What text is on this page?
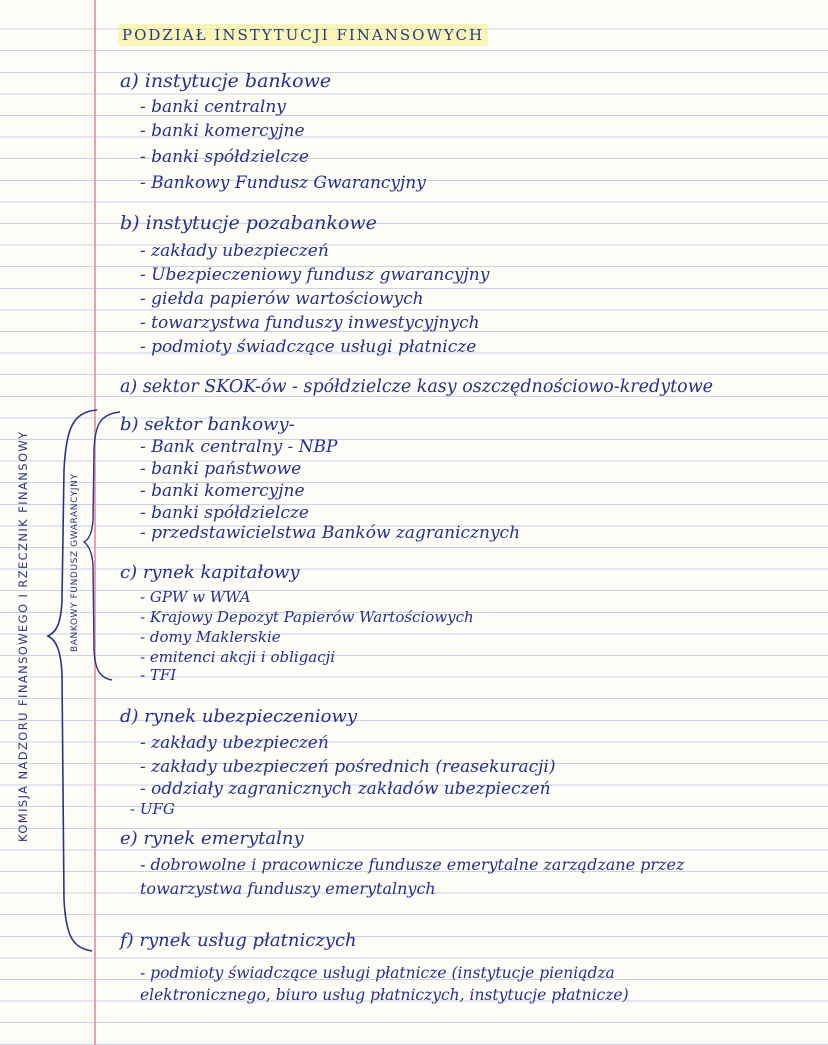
KOMISJA NADZORU FINANSOWEGO I RZECZNIK FINANSOWY	BANKOWY FUNDUSZ GWARANCYJNY
PODZIAŁ INSTYTUCJI FINANSOWYCH
a) instytucje bankowe
- banki centralny
- banki komercyjne
- banki spółdzielcze
- Bankowy Fundusz Gwarancyjny
b) instytucje pozabankowe
- zakłady ubezpieczeń
- Ubezpieczeniowy fundusz gwarancyjny
- giełda papierów wartościowych
- towarzystwa funduszy inwestycyjnych
- podmioty świadczące usługi płatnicze
a) sektor SKOK-ów - spółdzielcze kasy oszczędnościowo-kredytowe
b) sektor bankowy-
- Bank centralny - NBP
- banki państwowe
- banki komercyjne
- banki spółdzielcze
- przedstawicielstwa Banków zagranicznych
c) rynek kapitałowy
- GPW w WWA
- Krajowy Depozyt Papierów Wartościowych
- domy Maklerskie
- emitenci akcji i obligacji
- TFI
d) rynek ubezpieczeniowy
- zakłady ubezpieczeń
- zakłady ubezpieczeń pośrednich (reasekuracji)
- oddziały zagranicznych zakładów ubezpieczeń
- UFG
e) rynek emerytalny
- dobrowolne i pracownicze fundusze emerytalne zarządzane przez
towarzystwa funduszy emerytalnych
f) rynek usług płatniczych
- podmioty świadczące usługi płatnicze (instytucje pieniądza
elektronicznego, biuro usług płatniczych, instytucje płatnicze)
